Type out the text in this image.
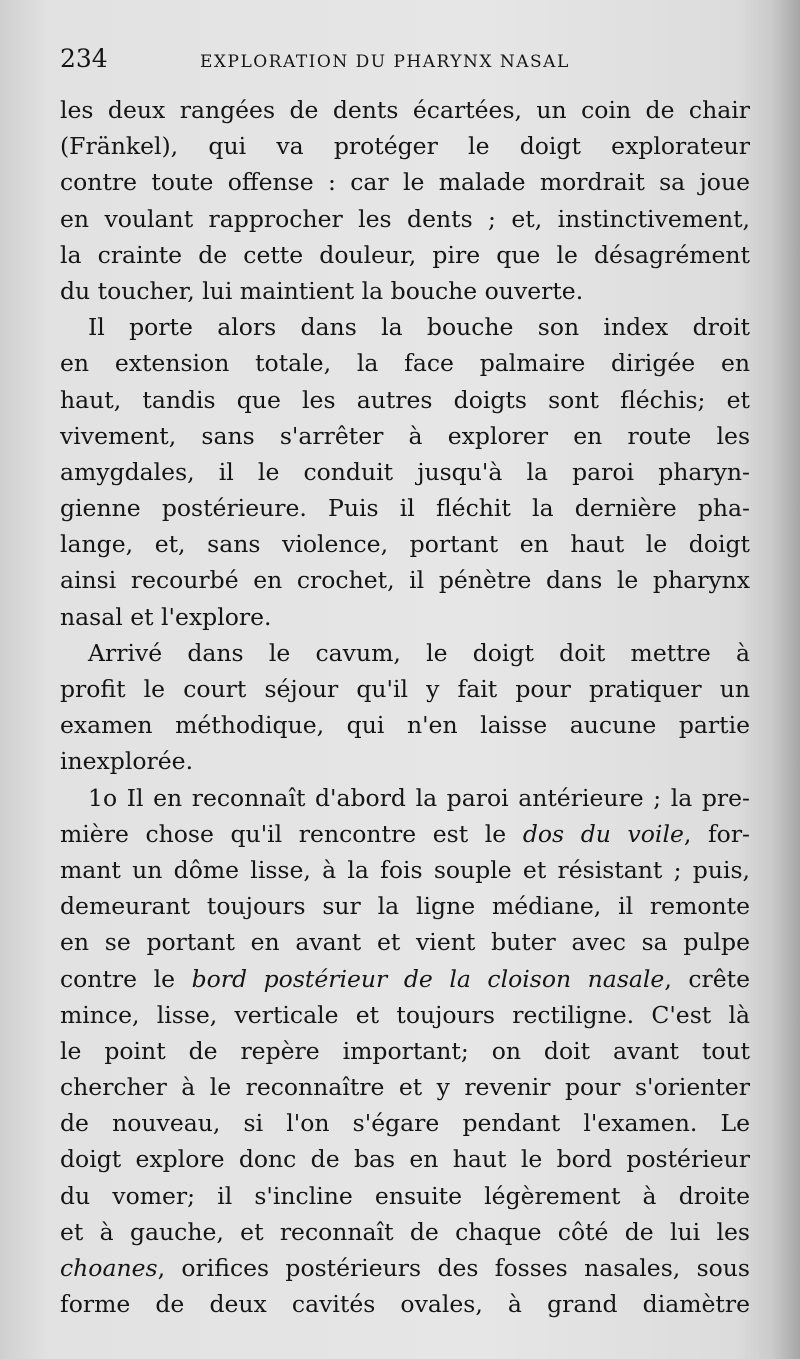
234	EXPLORATION DU PHARYNX NASAL
les deux rangées de dents écartées, un coin de chair
(Fränkel), qui va protéger le doigt explorateur
contre toute offense : car le malade mordrait sa joue
en voulant rapprocher les dents ; et, instinctivement,
la crainte de cette douleur, pire que le désagrément
du toucher, lui maintient la bouche ouverte.
Il porte alors dans la bouche son index droit
en extension totale, la face palmaire dirigée en
haut, tandis que les autres doigts sont fléchis; et
vivement, sans s'arrêter à explorer en route les
amygdales, il le conduit jusqu'à la paroi pharyn-
gienne postérieure. Puis il fléchit la dernière pha-
lange, et, sans violence, portant en haut le doigt
ainsi recourbé en crochet, il pénètre dans le pharynx
nasal et l'explore.
Arrivé dans le cavum, le doigt doit mettre à
profit le court séjour qu'il y fait pour pratiquer un
examen méthodique, qui n'en laisse aucune partie
inexplorée.
1o Il en reconnaît d'abord la paroi antérieure ; la pre-
mière chose qu'il rencontre est le dos du voile, for-
mant un dôme lisse, à la fois souple et résistant ; puis,
demeurant toujours sur la ligne médiane, il remonte
en se portant en avant et vient buter avec sa pulpe
contre le bord postérieur de la cloison nasale, crête
mince, lisse, verticale et toujours rectiligne. C'est là
le point de repère important; on doit avant tout
chercher à le reconnaître et y revenir pour s'orienter
de nouveau, si l'on s'égare pendant l'examen. Le
doigt explore donc de bas en haut le bord postérieur
du vomer; il s'incline ensuite légèrement à droite
et à gauche, et reconnaît de chaque côté de lui les
choanes, orifices postérieurs des fosses nasales, sous
forme de deux cavités ovales, à grand diamètre
